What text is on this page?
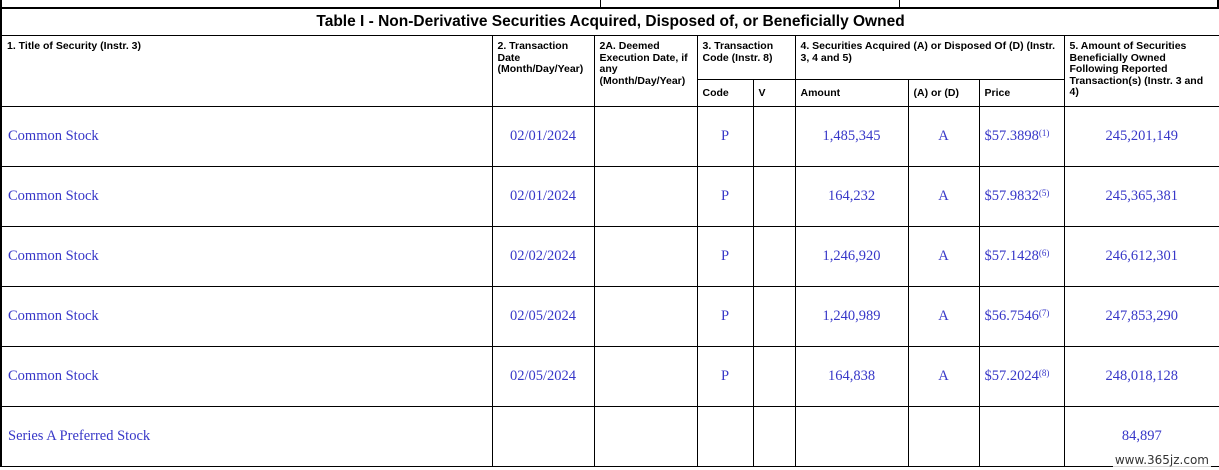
Table I - Non-Derivative Securities Acquired, Disposed of, or Beneficially Owned								
1. Title of Security (Instr. 3)	2. Transaction Date (Month/Day/Year)	2A. Deemed Execution Date, if any (Month/Day/Year)	3. Transaction Code (Instr. 8)		4. Securities Acquired (A) or Disposed Of (D) (Instr. 3, 4 and 5)			5. Amount of Securities Beneficially Owned Following Reported Transaction(s) (Instr. 3 and 4)
			Code	V	Amount	(A) or (D)	Price	
Common Stock	02/01/2024		P		1,485,345	A	$57.3898$^{(1)}$	245,201,149
Common Stock	02/01/2024		P		164,232	A	$57.9832$^{(5)}$	245,365,381
Common Stock	02/02/2024		P		1,246,920	A	$57.1428$^{(6)}$	246,612,301
Common Stock	02/05/2024		P		1,240,989	A	$56.7546$^{(7)}$	247,853,290
Common Stock	02/05/2024		P		164,838	A	$57.2024$^{(8)}$	248,018,128
Series A Preferred Stock								84,897
www.365jz.com
